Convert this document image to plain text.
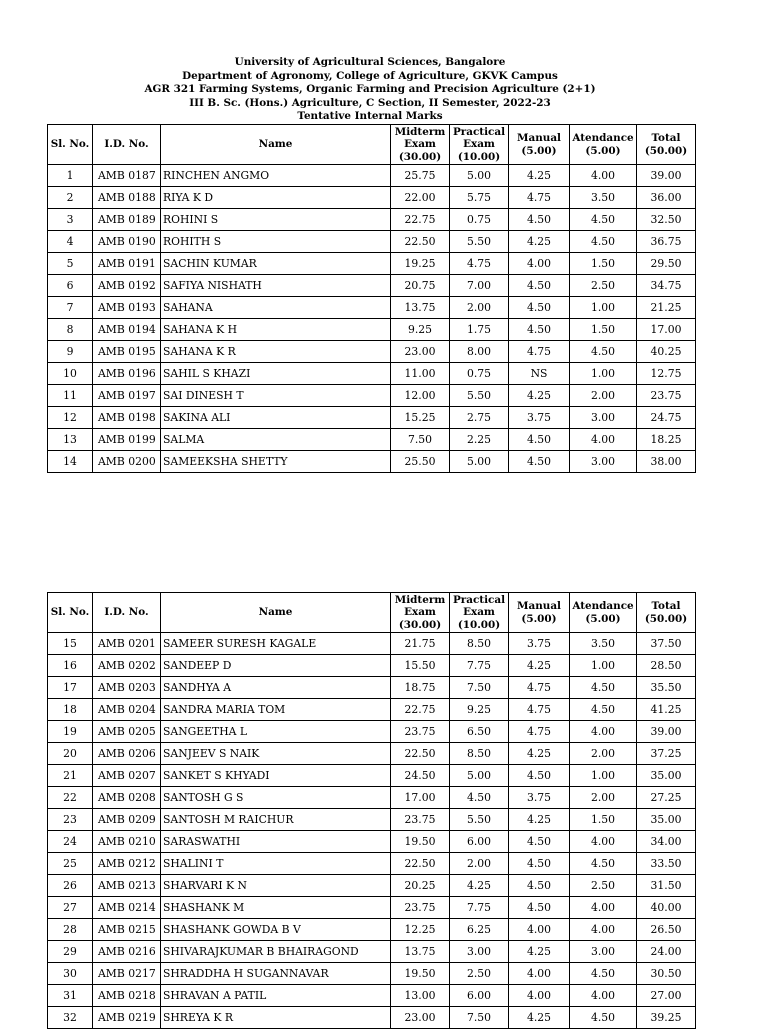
University of Agricultural Sciences, Bangalore
Department of Agronomy, College of Agriculture, GKVK Campus
AGR 321 Farming Systems, Organic Farming and Precision Agriculture (2+1)
III B. Sc. (Hons.) Agriculture, C Section, II Semester, 2022-23
Tentative Internal Marks
Sl. No.	I.D. No.	Name	Midterm
Exam
(30.00)	Practical
Exam
(10.00)	Manual
(5.00)	Atendance
(5.00)	Total
(50.00)
1	AMB 0187	RINCHEN ANGMO	25.75	5.00	4.25	4.00	39.00
2	AMB 0188	RIYA K D	22.00	5.75	4.75	3.50	36.00
3	AMB 0189	ROHINI S	22.75	0.75	4.50	4.50	32.50
4	AMB 0190	ROHITH S	22.50	5.50	4.25	4.50	36.75
5	AMB 0191	SACHIN KUMAR	19.25	4.75	4.00	1.50	29.50
6	AMB 0192	SAFIYA NISHATH	20.75	7.00	4.50	2.50	34.75
7	AMB 0193	SAHANA	13.75	2.00	4.50	1.00	21.25
8	AMB 0194	SAHANA K H	9.25	1.75	4.50	1.50	17.00
9	AMB 0195	SAHANA K R	23.00	8.00	4.75	4.50	40.25
10	AMB 0196	SAHIL S KHAZI	11.00	0.75	NS	1.00	12.75
11	AMB 0197	SAI DINESH T	12.00	5.50	4.25	2.00	23.75
12	AMB 0198	SAKINA ALI	15.25	2.75	3.75	3.00	24.75
13	AMB 0199	SALMA	7.50	2.25	4.50	4.00	18.25
14	AMB 0200	SAMEEKSHA SHETTY	25.50	5.00	4.50	3.00	38.00
Sl. No.	I.D. No.	Name	Midterm
Exam
(30.00)	Practical
Exam
(10.00)	Manual
(5.00)	Atendance
(5.00)	Total
(50.00)
15	AMB 0201	SAMEER SURESH KAGALE	21.75	8.50	3.75	3.50	37.50
16	AMB 0202	SANDEEP D	15.50	7.75	4.25	1.00	28.50
17	AMB 0203	SANDHYA A	18.75	7.50	4.75	4.50	35.50
18	AMB 0204	SANDRA MARIA TOM	22.75	9.25	4.75	4.50	41.25
19	AMB 0205	SANGEETHA L	23.75	6.50	4.75	4.00	39.00
20	AMB 0206	SANJEEV S NAIK	22.50	8.50	4.25	2.00	37.25
21	AMB 0207	SANKET S KHYADI	24.50	5.00	4.50	1.00	35.00
22	AMB 0208	SANTOSH G S	17.00	4.50	3.75	2.00	27.25
23	AMB 0209	SANTOSH M RAICHUR	23.75	5.50	4.25	1.50	35.00
24	AMB 0210	SARASWATHI	19.50	6.00	4.50	4.00	34.00
25	AMB 0212	SHALINI T	22.50	2.00	4.50	4.50	33.50
26	AMB 0213	SHARVARI K N	20.25	4.25	4.50	2.50	31.50
27	AMB 0214	SHASHANK M	23.75	7.75	4.50	4.00	40.00
28	AMB 0215	SHASHANK GOWDA B V	12.25	6.25	4.00	4.00	26.50
29	AMB 0216	SHIVARAJKUMAR B BHAIRAGOND	13.75	3.00	4.25	3.00	24.00
30	AMB 0217	SHRADDHA H SUGANNAVAR	19.50	2.50	4.00	4.50	30.50
31	AMB 0218	SHRAVAN A PATIL	13.00	6.00	4.00	4.00	27.00
32	AMB 0219	SHREYA K R	23.00	7.50	4.25	4.50	39.25
